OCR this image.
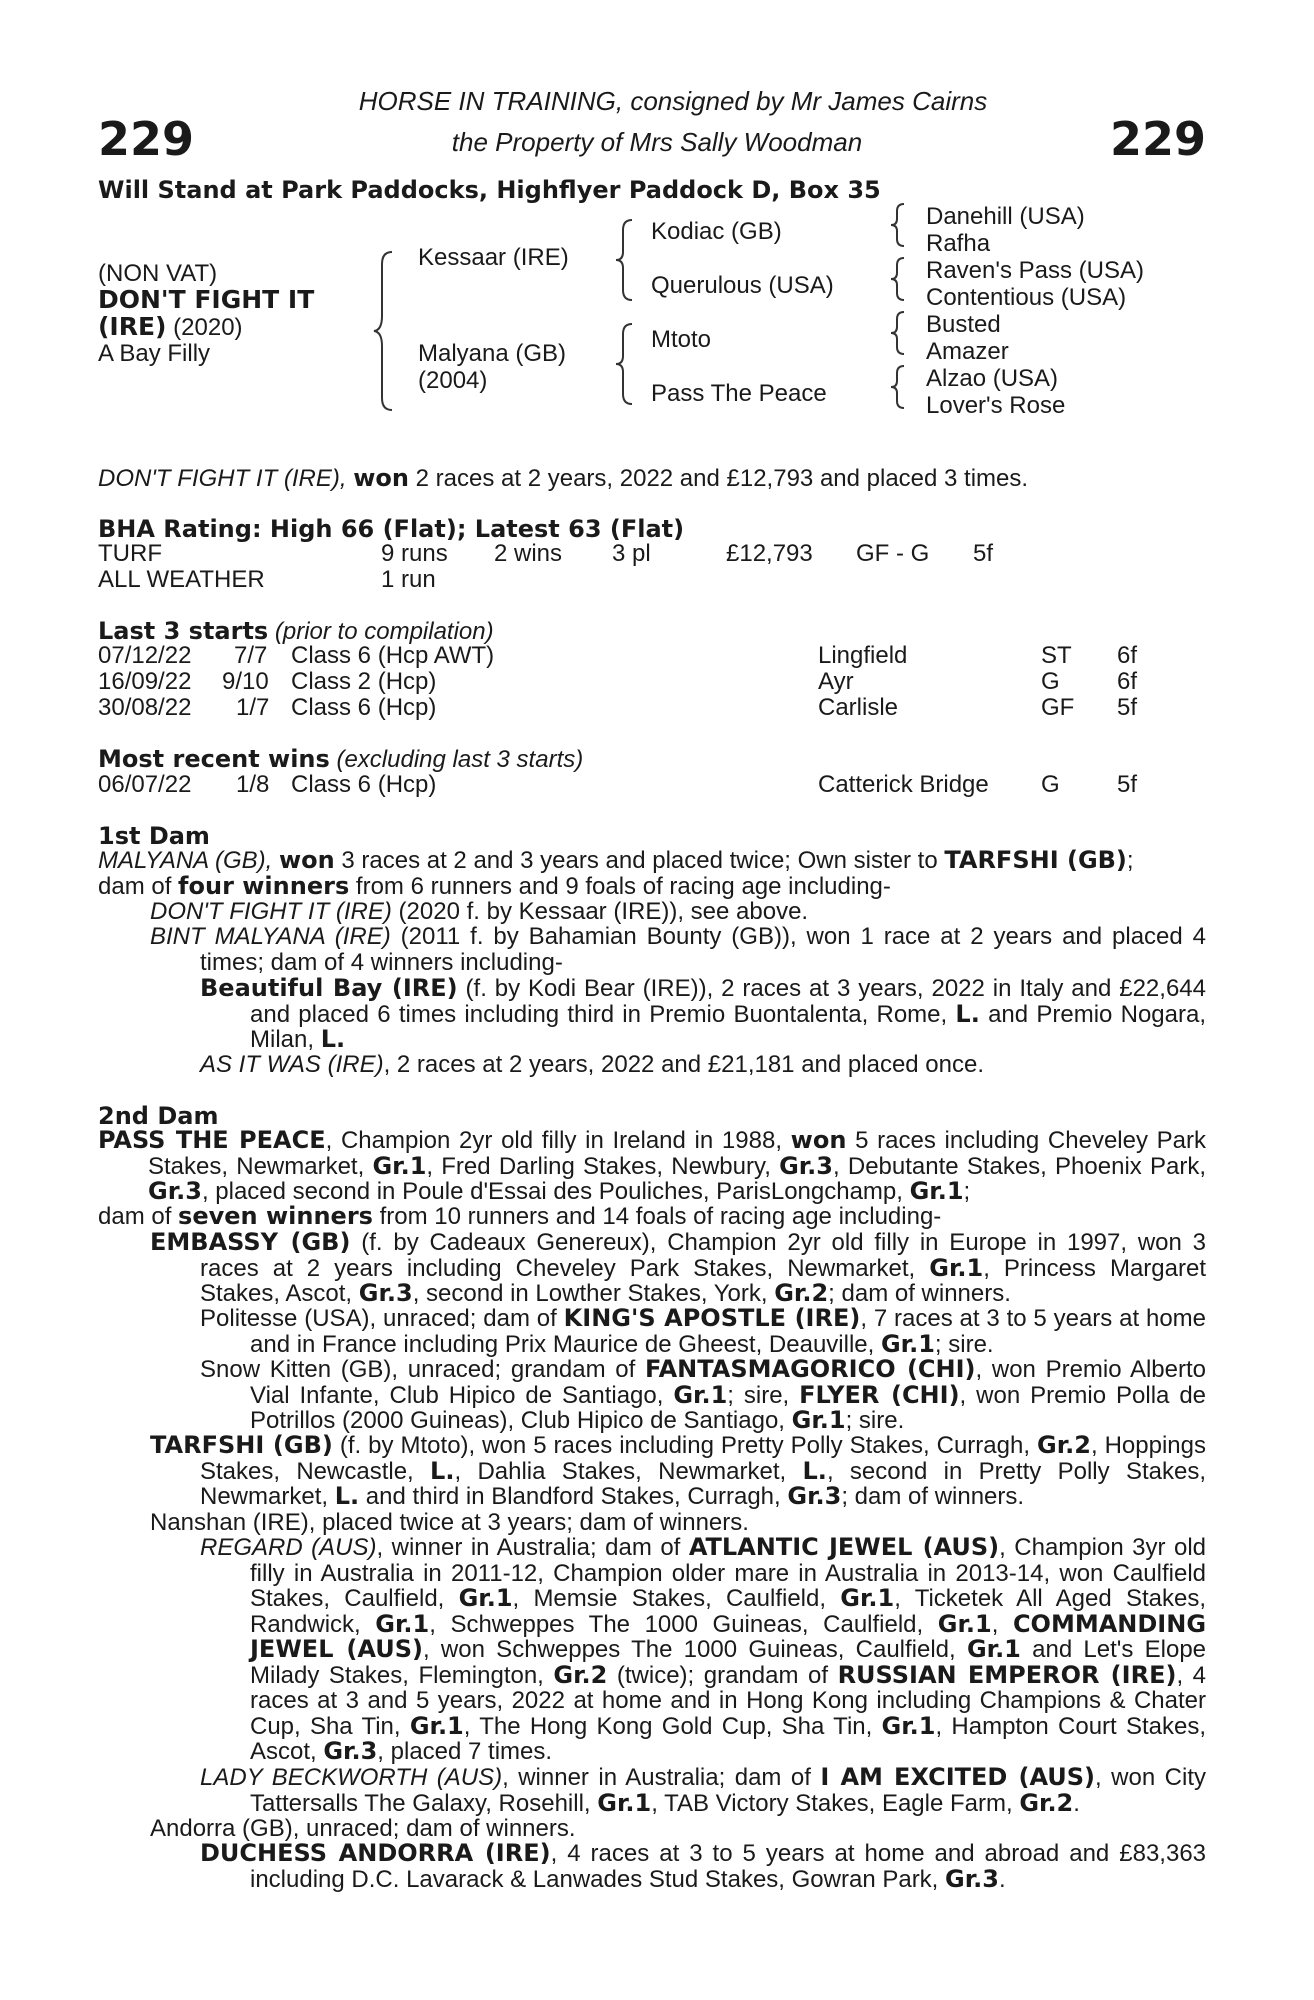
229	229
HORSE IN TRAINING, consigned by Mr James Cairns
the Property of Mrs Sally Woodman
Will Stand at Park Paddocks, Highflyer Paddock D, Box 35
(NON VAT)
DON'T FIGHT IT
(IRE) (2020)
A Bay Filly
Kessaar (IRE)
Malyana (GB)
(2004)
Kodiac (GB)
Querulous (USA)
Mtoto
Pass The Peace
Danehill (USA)
Rafha
Raven's Pass (USA)
Contentious (USA)
Busted
Amazer
Alzao (USA)
Lover's Rose
DON'T FIGHT IT (IRE), won 2 races at 2 years, 2022 and £12,793 and placed 3 times.
BHA Rating: High 66 (Flat); Latest 63 (Flat)
TURF	9 runs 2 wins 3 pl	£12,793 GF - G 5f
ALL WEATHER	1 run
Last 3 starts (prior to compilation)
07/12/22 7/7 Class 6 (Hcp AWT)	Lingfield	ST 6f
16/09/22 9/10 Class 2 (Hcp)	Ayr	G 6f
30/08/22 1/7 Class 6 (Hcp)	Carlisle	GF 5f
Most recent wins (excluding last 3 starts)
06/07/22 1/8 Class 6 (Hcp)	Catterick Bridge G 5f
1st Dam
MALYANA (GB), won 3 races at 2 and 3 years and placed twice; Own sister to TARFSHI (GB);
dam of four winners from 6 runners and 9 foals of racing age including-
DON'T FIGHT IT (IRE) (2020 f. by Kessaar (IRE)), see above.
BINT MALYANA (IRE) (2011 f. by Bahamian Bounty (GB)), won 1 race at 2 years and placed 4 times; dam of 4 winners including-
Beautiful Bay (IRE) (f. by Kodi Bear (IRE)), 2 races at 3 years, 2022 in Italy and £22,644 and placed 6 times including third in Premio Buontalenta, Rome, L. and Premio Nogara, Milan, L.
AS IT WAS (IRE), 2 races at 2 years, 2022 and £21,181 and placed once.
2nd Dam
PASS THE PEACE, Champion 2yr old filly in Ireland in 1988, won 5 races including Cheveley Park Stakes, Newmarket, Gr.1, Fred Darling Stakes, Newbury, Gr.3, Debutante Stakes, Phoenix Park, Gr.3, placed second in Poule d'Essai des Pouliches, ParisLongchamp, Gr.1;
dam of seven winners from 10 runners and 14 foals of racing age including-
EMBASSY (GB) (f. by Cadeaux Genereux), Champion 2yr old filly in Europe in 1997, won 3 races at 2 years including Cheveley Park Stakes, Newmarket, Gr.1, Princess Margaret Stakes, Ascot, Gr.3, second in Lowther Stakes, York, Gr.2; dam of winners.
Politesse (USA), unraced; dam of KING'S APOSTLE (IRE), 7 races at 3 to 5 years at home and in France including Prix Maurice de Gheest, Deauville, Gr.1; sire.
Snow Kitten (GB), unraced; grandam of FANTASMAGORICO (CHI), won Premio Alberto Vial Infante, Club Hipico de Santiago, Gr.1; sire, FLYER (CHI), won Premio Polla de Potrillos (2000 Guineas), Club Hipico de Santiago, Gr.1; sire.
TARFSHI (GB) (f. by Mtoto), won 5 races including Pretty Polly Stakes, Curragh, Gr.2, Hoppings Stakes, Newcastle, L., Dahlia Stakes, Newmarket, L., second in Pretty Polly Stakes, Newmarket, L. and third in Blandford Stakes, Curragh, Gr.3; dam of winners.
Nanshan (IRE), placed twice at 3 years; dam of winners.
REGARD (AUS), winner in Australia; dam of ATLANTIC JEWEL (AUS), Champion 3yr old filly in Australia in 2011-12, Champion older mare in Australia in 2013-14, won Caulfield Stakes, Caulfield, Gr.1, Memsie Stakes, Caulfield, Gr.1, Ticketek All Aged Stakes, Randwick, Gr.1, Schweppes The 1000 Guineas, Caulfield, Gr.1, COMMANDING JEWEL (AUS), won Schweppes The 1000 Guineas, Caulfield, Gr.1 and Let's Elope Milady Stakes, Flemington, Gr.2 (twice); grandam of RUSSIAN EMPEROR (IRE), 4 races at 3 and 5 years, 2022 at home and in Hong Kong including Champions & Chater Cup, Sha Tin, Gr.1, The Hong Kong Gold Cup, Sha Tin, Gr.1, Hampton Court Stakes, Ascot, Gr.3, placed 7 times.
LADY BECKWORTH (AUS), winner in Australia; dam of I AM EXCITED (AUS), won City Tattersalls The Galaxy, Rosehill, Gr.1, TAB Victory Stakes, Eagle Farm, Gr.2.
Andorra (GB), unraced; dam of winners.
DUCHESS ANDORRA (IRE), 4 races at 3 to 5 years at home and abroad and £83,363 including D.C. Lavarack & Lanwades Stud Stakes, Gowran Park, Gr.3.
